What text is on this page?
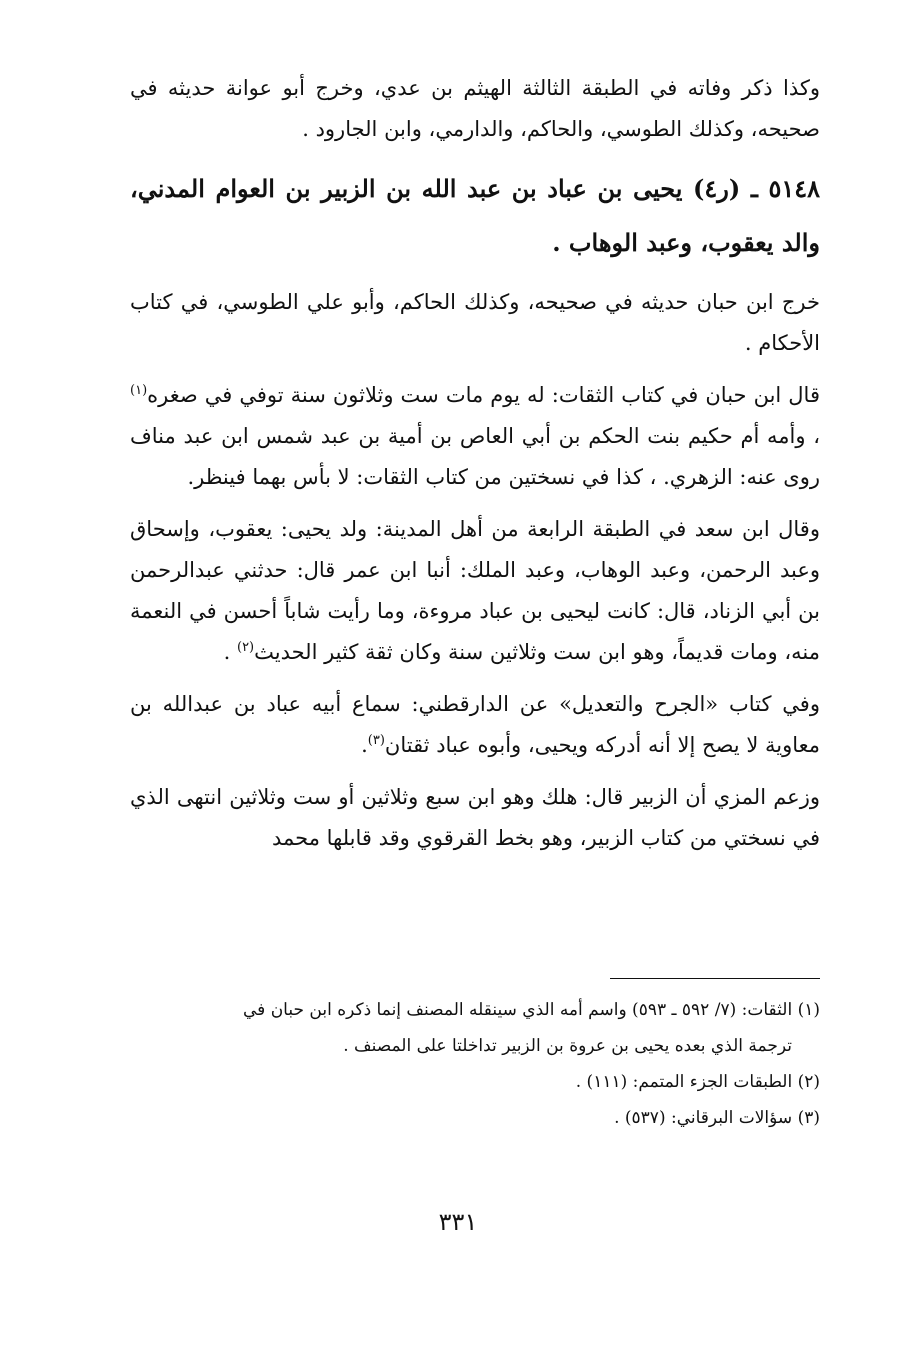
وكذا ذكر وفاته في الطبقة الثالثة الهيثم بن عدي، وخرج أبو عوانة حديثه في صحيحه، وكذلك الطوسي، والحاكم، والدارمي، وابن الجارود .

٥١٤٨ ـ (ر٤) يحيى بن عباد بن عبد الله بن الزبير بن العوام المدني، والد يعقوب، وعبد الوهاب .

خرج ابن حبان حديثه في صحيحه، وكذلك الحاكم، وأبو علي الطوسي، في كتاب الأحكام .

قال ابن حبان في كتاب الثقات: له يوم مات ست وثلاثون سنة توفي في صغره$^{(١)}$ ، وأمه أم حكيم بنت الحكم بن أبي العاص بن أمية بن عبد شمس ابن عبد مناف روى عنه: الزهري. ، كذا في نسختين من كتاب الثقات: لا بأس بهما فينظر.

وقال ابن سعد في الطبقة الرابعة من أهل المدينة: ولد يحيى: يعقوب، وإسحاق وعبد الرحمن، وعبد الوهاب، وعبد الملك: أنبا ابن عمر قال: حدثني عبدالرحمن بن أبي الزناد، قال: كانت ليحيى بن عباد مروءة، وما رأيت شاباً أحسن في النعمة منه، ومات قديماً، وهو ابن ست وثلاثين سنة وكان ثقة كثير الحديث$^{(٢)}$ .

وفي كتاب «الجرح والتعديل» عن الدارقطني: سماع أبيه عباد بن عبدالله بن معاوية لا يصح إلا أنه أدركه ويحيى، وأبوه عباد ثقتان$^{(٣)}$.

وزعم المزي أن الزبير قال: هلك وهو ابن سبع وثلاثين أو ست وثلاثين انتهى الذي في نسختي من كتاب الزبير، وهو بخط القرقوي وقد قابلها محمد

(١) الثقات: (٧/ ٥٩٢ ـ ٥٩٣) واسم أمه الذي سينقله المصنف إنما ذكره ابن حبان في

ترجمة الذي بعده يحيى بن عروة بن الزبير تداخلتا على المصنف .

(٢) الطبقات الجزء المتمم: (١١١) .

(٣) سؤالات البرقاني: (٥٣٧) .

٣٣١
